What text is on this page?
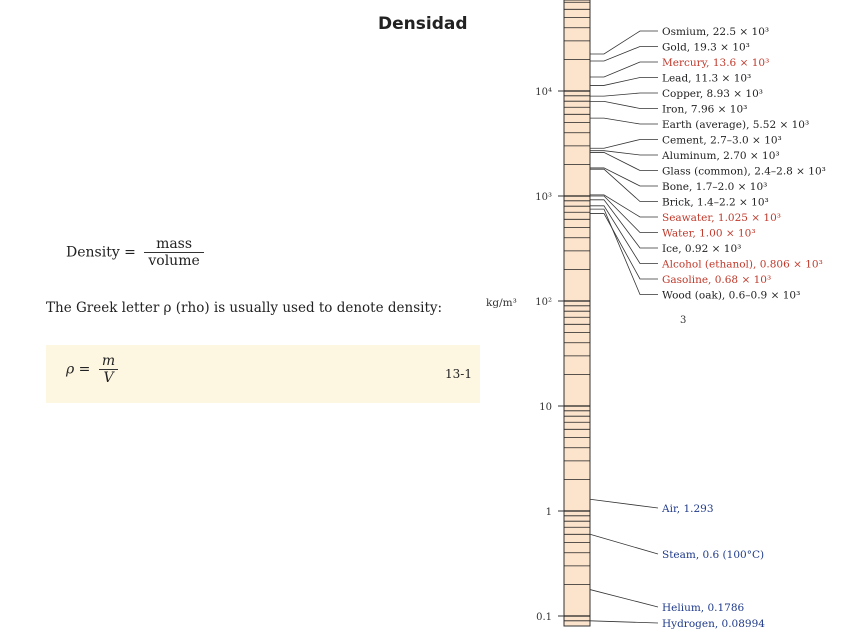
Densidad
Density = $\frac{\text{mass}}{\text{volume}}$
The Greek letter ρ (rho) is usually used to denote density:
$\rho = \frac{m}{V}$	13-1
10⁴
10³
10²
10
1
0.1
kg/m³
3
Osmium, 22.5 × 10³
Gold, 19.3 × 10³
Mercury, 13.6 × 10³
Lead, 11.3 × 10³
Copper, 8.93 × 10³
Iron, 7.96 × 10³
Earth (average), 5.52 × 10³
Cement, 2.7–3.0 × 10³
Aluminum, 2.70 × 10³
Glass (common), 2.4–2.8 × 10³
Bone, 1.7–2.0 × 10³
Brick, 1.4–2.2 × 10³
Seawater, 1.025 × 10³
Water, 1.00 × 10³
Ice, 0.92 × 10³
Alcohol (ethanol), 0.806 × 10³
Gasoline, 0.68 × 10³
Wood (oak), 0.6–0.9 × 10³
Air, 1.293
Steam, 0.6 (100°C)
Helium, 0.1786
Hydrogen, 0.08994
